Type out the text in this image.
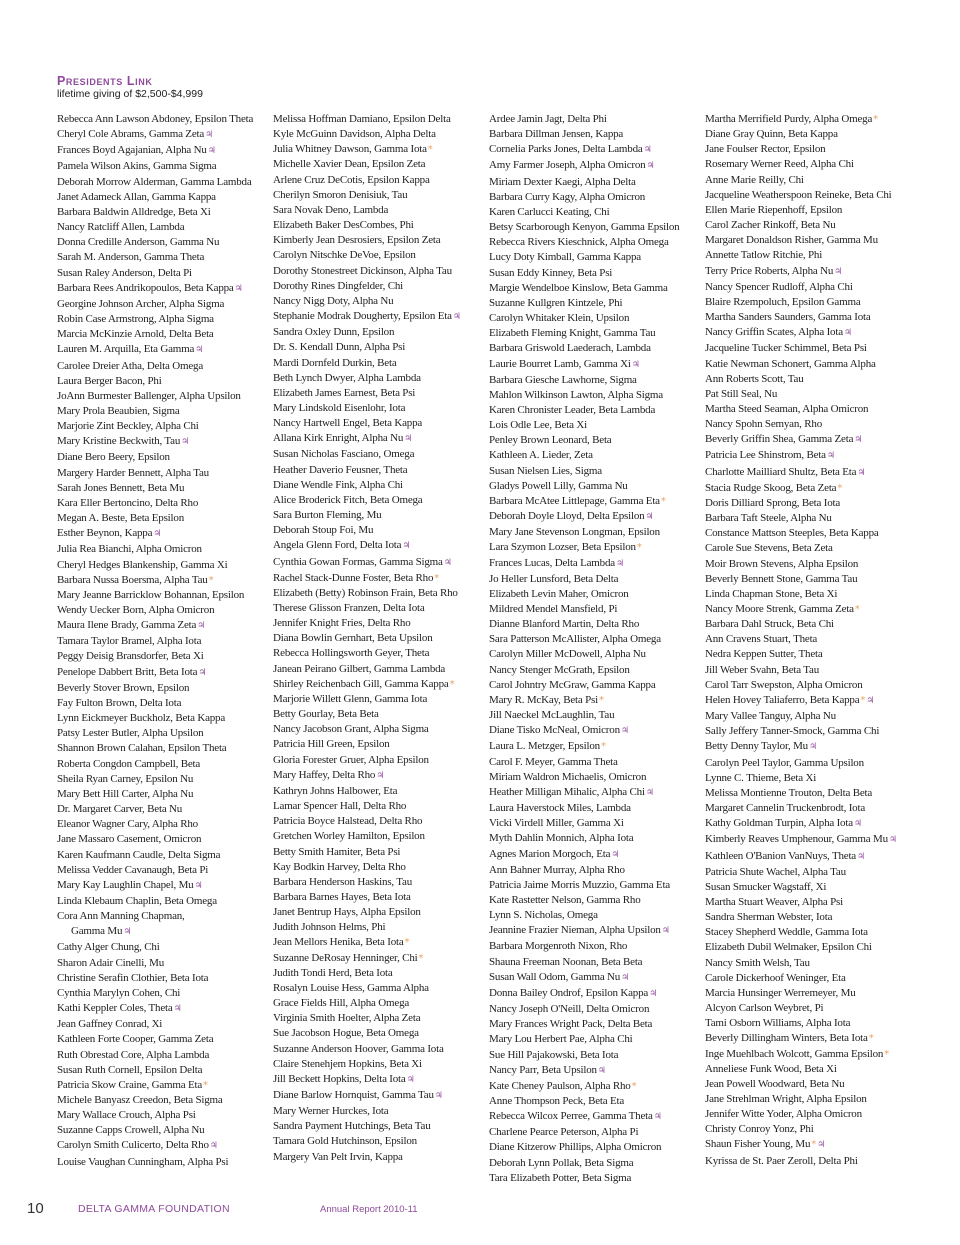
Presidents Link
lifetime giving of $2,500-$4,999
Rebecca Ann Lawson Abdoney, Epsilon Theta
Cheryl Cole Abrams, Gamma Zeta♃
Frances Boyd Agajanian, Alpha Nu♃
Pamela Wilson Akins, Gamma Sigma
Deborah Morrow Alderman, Gamma Lambda
Janet Adameck Allan, Gamma Kappa
Barbara Baldwin Alldredge, Beta Xi
Nancy Ratcliff Allen, Lambda
Donna Credille Anderson, Gamma Nu
Sarah M. Anderson, Gamma Theta
Susan Raley Anderson, Delta Pi
Barbara Rees Andrikopoulos, Beta Kappa♃
Georgine Johnson Archer, Alpha Sigma
Robin Case Armstrong, Alpha Sigma
Marcia McKinzie Arnold, Delta Beta
Lauren M. Arquilla, Eta Gamma♃
Carolee Dreier Atha, Delta Omega
Laura Berger Bacon, Phi
JoAnn Burmester Ballenger, Alpha Upsilon
Mary Prola Beaubien, Sigma
Marjorie Zint Beckley, Alpha Chi
Mary Kristine Beckwith, Tau♃
Diane Bero Beery, Epsilon
Margery Harder Bennett, Alpha Tau
Sarah Jones Bennett, Beta Mu
Kara Eller Bertoncino, Delta Rho
Megan A. Beste, Beta Epsilon
Esther Beynon, Kappa♃
Julia Rea Bianchi, Alpha Omicron
Cheryl Hedges Blankenship, Gamma Xi
Barbara Nussa Boersma, Alpha Tau*
Mary Jeanne Barricklow Bohannan, Epsilon
Wendy Uecker Born, Alpha Omicron
Maura Ilene Brady, Gamma Zeta♃
Tamara Taylor Bramel, Alpha Iota
Peggy Deisig Bransdorfer, Beta Xi
Penelope Dabbert Britt, Beta Iota♃
Beverly Stover Brown, Epsilon
Fay Fulton Brown, Delta Iota
Lynn Eickmeyer Buckholz, Beta Kappa
Patsy Lester Butler, Alpha Upsilon
Shannon Brown Calahan, Epsilon Theta
Roberta Congdon Campbell, Beta
Sheila Ryan Carney, Epsilon Nu
Mary Bett Hill Carter, Alpha Nu
Dr. Margaret Carver, Beta Nu
Eleanor Wagner Cary, Alpha Rho
Jane Massaro Casement, Omicron
Karen Kaufmann Caudle, Delta Sigma
Melissa Vedder Cavanaugh, Beta Pi
Mary Kay Laughlin Chapel, Mu♃
Linda Klebaum Chaplin, Beta Omega
Cora Ann Manning Chapman,
Gamma Mu♃
Cathy Alger Chung, Chi
Sharon Adair Cinelli, Mu
Christine Serafin Clothier, Beta Iota
Cynthia Marylyn Cohen, Chi
Kathi Keppler Coles, Theta♃
Jean Gaffney Conrad, Xi
Kathleen Forte Cooper, Gamma Zeta
Ruth Obrestad Core, Alpha Lambda
Susan Ruth Cornell, Epsilon Delta
Patricia Skow Craine, Gamma Eta*
Michele Banyasz Creedon, Beta Sigma
Mary Wallace Crouch, Alpha Psi
Suzanne Capps Crowell, Alpha Nu
Carolyn Smith Culicerto, Delta Rho♃
Louise Vaughan Cunningham, Alpha Psi
Melissa Hoffman Damiano, Epsilon Delta
Kyle McGuinn Davidson, Alpha Delta
Julia Whitney Dawson, Gamma Iota*
Michelle Xavier Dean, Epsilon Zeta
Arlene Cruz DeCotis, Epsilon Kappa
Cherilyn Smoron Denisiuk, Tau
Sara Novak Deno, Lambda
Elizabeth Baker DesCombes, Phi
Kimberly Jean Desrosiers, Epsilon Zeta
Carolyn Nitschke DeVoe, Epsilon
Dorothy Stonestreet Dickinson, Alpha Tau
Dorothy Rines Dingfelder, Chi
Nancy Nigg Doty, Alpha Nu
Stephanie Modrak Dougherty, Epsilon Eta♃
Sandra Oxley Dunn, Epsilon
Dr. S. Kendall Dunn, Alpha Psi
Mardi Dornfeld Durkin, Beta
Beth Lynch Dwyer, Alpha Lambda
Elizabeth James Earnest, Beta Psi
Mary Lindskold Eisenlohr, Iota
Nancy Hartwell Engel, Beta Kappa
Allana Kirk Enright, Alpha Nu♃
Susan Nicholas Fasciano, Omega
Heather Daverio Feusner, Theta
Diane Wendle Fink, Alpha Chi
Alice Broderick Fitch, Beta Omega
Sara Burton Fleming, Mu
Deborah Stoup Foi, Mu
Angela Glenn Ford, Delta Iota♃
Cynthia Gowan Formas, Gamma Sigma♃
Rachel Stack-Dunne Foster, Beta Rho*
Elizabeth (Betty) Robinson Frain, Beta Rho
Therese Glisson Franzen, Delta Iota
Jennifer Knight Fries, Delta Rho
Diana Bowlin Gernhart, Beta Upsilon
Rebecca Hollingsworth Geyer, Theta
Janean Peirano Gilbert, Gamma Lambda
Shirley Reichenbach Gill, Gamma Kappa*
Marjorie Willett Glenn, Gamma Iota
Betty Gourlay, Beta Beta
Nancy Jacobson Grant, Alpha Sigma
Patricia Hill Green, Epsilon
Gloria Forester Gruer, Alpha Epsilon
Mary Haffey, Delta Rho♃
Kathryn Johns Halbower, Eta
Lamar Spencer Hall, Delta Rho
Patricia Boyce Halstead, Delta Rho
Gretchen Worley Hamilton, Epsilon
Betty Smith Hamiter, Beta Psi
Kay Bodkin Harvey, Delta Rho
Barbara Henderson Haskins, Tau
Barbara Barnes Hayes, Beta Iota
Janet Bentrup Hays, Alpha Epsilon
Judith Johnson Helms, Phi
Jean Mellors Henika, Beta Iota*
Suzanne DeRosay Henninger, Chi*
Judith Tondi Herd, Beta Iota
Rosalyn Louise Hess, Gamma Alpha
Grace Fields Hill, Alpha Omega
Virginia Smith Hoelter, Alpha Zeta
Sue Jacobson Hogue, Beta Omega
Suzanne Anderson Hoover, Gamma Iota
Claire Stenehjem Hopkins, Beta Xi
Jill Beckett Hopkins, Delta Iota♃
Diane Barlow Hornquist, Gamma Tau♃
Mary Werner Hurckes, Iota
Sandra Payment Hutchings, Beta Tau
Tamara Gold Hutchinson, Epsilon
Margery Van Pelt Irvin, Kappa
Ardee Jamin Jagt, Delta Phi
Barbara Dillman Jensen, Kappa
Cornelia Parks Jones, Delta Lambda♃
Amy Farmer Joseph, Alpha Omicron♃
Miriam Dexter Kaegi, Alpha Delta
Barbara Curry Kagy, Alpha Omicron
Karen Carlucci Keating, Chi
Betsy Scarborough Kenyon, Gamma Epsilon
Rebecca Rivers Kieschnick, Alpha Omega
Lucy Doty Kimball, Gamma Kappa
Susan Eddy Kinney, Beta Psi
Margie Wendelboe Kinslow, Beta Gamma
Suzanne Kullgren Kintzele, Phi
Carolyn Whitaker Klein, Upsilon
Elizabeth Fleming Knight, Gamma Tau
Barbara Griswold Laederach, Lambda
Laurie Bourret Lamb, Gamma Xi♃
Barbara Giesche Lawhorne, Sigma
Mahlon Wilkinson Lawton, Alpha Sigma
Karen Chronister Leader, Beta Lambda
Lois Odle Lee, Beta Xi
Penley Brown Leonard, Beta
Kathleen A. Lieder, Zeta
Susan Nielsen Lies, Sigma
Gladys Powell Lilly, Gamma Nu
Barbara McAtee Littlepage, Gamma Eta*
Deborah Doyle Lloyd, Delta Epsilon♃
Mary Jane Stevenson Longman, Epsilon
Lara Szymon Lozser, Beta Epsilon*
Frances Lucas, Delta Lambda♃
Jo Heller Lunsford, Beta Delta
Elizabeth Levin Maher, Omicron
Mildred Mendel Mansfield, Pi
Dianne Blanford Martin, Delta Rho
Sara Patterson McAllister, Alpha Omega
Carolyn Miller McDowell, Alpha Nu
Nancy Stenger McGrath, Epsilon
Carol Johntry McGraw, Gamma Kappa
Mary R. McKay, Beta Psi*
Jill Naeckel McLaughlin, Tau
Diane Tisko McNeal, Omicron♃
Laura L. Metzger, Epsilon*
Carol F. Meyer, Gamma Theta
Miriam Waldron Michaelis, Omicron
Heather Milligan Mihalic, Alpha Chi♃
Laura Haverstock Miles, Lambda
Vicki Virdell Miller, Gamma Xi
Myth Dahlin Monnich, Alpha Iota
Agnes Marion Morgoch, Eta♃
Ann Bahner Murray, Alpha Rho
Patricia Jaime Morris Muzzio, Gamma Eta
Kate Rastetter Nelson, Gamma Rho
Lynn S. Nicholas, Omega
Jeannine Frazier Nieman, Alpha Upsilon♃
Barbara Morgenroth Nixon, Rho
Shauna Freeman Noonan, Beta Beta
Susan Wall Odom, Gamma Nu♃
Donna Bailey Ondrof, Epsilon Kappa♃
Nancy Joseph O'Neill, Delta Omicron
Mary Frances Wright Pack, Delta Beta
Mary Lou Herbert Pae, Alpha Chi
Sue Hill Pajakowski, Beta Iota
Nancy Parr, Beta Upsilon♃
Kate Cheney Paulson, Alpha Rho*
Anne Thompson Peck, Beta Eta
Rebecca Wilcox Perree, Gamma Theta♃
Charlene Pearce Peterson, Alpha Pi
Diane Kitzerow Phillips, Alpha Omicron
Deborah Lynn Pollak, Beta Sigma
Tara Elizabeth Potter, Beta Sigma
Martha Merrifield Purdy, Alpha Omega*
Diane Gray Quinn, Beta Kappa
Jane Foulser Rector, Epsilon
Rosemary Werner Reed, Alpha Chi
Anne Marie Reilly, Chi
Jacqueline Weatherspoon Reineke, Beta Chi
Ellen Marie Riepenhoff, Epsilon
Carol Zacher Rinkoff, Beta Nu
Margaret Donaldson Risher, Gamma Mu
Annette Tatlow Ritchie, Phi
Terry Price Roberts, Alpha Nu♃
Nancy Spencer Rudloff, Alpha Chi
Blaire Rzempoluch, Epsilon Gamma
Martha Sanders Saunders, Gamma Iota
Nancy Griffin Scates, Alpha Iota♃
Jacqueline Tucker Schimmel, Beta Psi
Katie Newman Schonert, Gamma Alpha
Ann Roberts Scott, Tau
Pat Still Seal, Nu
Martha Steed Seaman, Alpha Omicron
Nancy Spohn Semyan, Rho
Beverly Griffin Shea, Gamma Zeta♃
Patricia Lee Shinstrom, Beta♃
Charlotte Mailliard Shultz, Beta Eta♃
Stacia Rudge Skoog, Beta Zeta*
Doris Dilliard Sprong, Beta Iota
Barbara Taft Steele, Alpha Nu
Constance Mattson Steeples, Beta Kappa
Carole Sue Stevens, Beta Zeta
Moir Brown Stevens, Alpha Epsilon
Beverly Bennett Stone, Gamma Tau
Linda Chapman Stone, Beta Xi
Nancy Moore Strenk, Gamma Zeta*
Barbara Dahl Struck, Beta Chi
Ann Cravens Stuart, Theta
Nedra Keppen Sutter, Theta
Jill Weber Svahn, Beta Tau
Carol Tarr Swepston, Alpha Omicron
Helen Hovey Taliaferro, Beta Kappa*♃
Mary Vallee Tanguy, Alpha Nu
Sally Jeffery Tanner-Smock, Gamma Chi
Betty Denny Taylor, Mu♃
Carolyn Peel Taylor, Gamma Upsilon
Lynne C. Thieme, Beta Xi
Melissa Montienne Trouton, Delta Beta
Margaret Cannelin Truckenbrodt, Iota
Kathy Goldman Turpin, Alpha Iota♃
Kimberly Reaves Umphenour, Gamma Mu♃
Kathleen O'Banion VanNuys, Theta♃
Patricia Shute Wachel, Alpha Tau
Susan Smucker Wagstaff, Xi
Martha Stuart Weaver, Alpha Psi
Sandra Sherman Webster, Iota
Stacey Shepherd Weddle, Gamma Iota
Elizabeth Dubil Welmaker, Epsilon Chi
Nancy Smith Welsh, Tau
Carole Dickerhoof Weninger, Eta
Marcia Hunsinger Werremeyer, Mu
Alcyon Carlson Weybret, Pi
Tami Osborn Williams, Alpha Iota
Beverly Dillingham Winters, Beta Iota*
Inge Muehlbach Wolcott, Gamma Epsilon*
Anneliese Funk Wood, Beta Xi
Jean Powell Woodward, Beta Nu
Jane Strehlman Wright, Alpha Epsilon
Jennifer Witte Yoder, Alpha Omicron
Christy Conroy Yonz, Phi
Shaun Fisher Young, Mu*♃
Kyrissa de St. Paer Zeroll, Delta Phi
10	DELTA GAMMA FOUNDATION	Annual Report 2010-11
